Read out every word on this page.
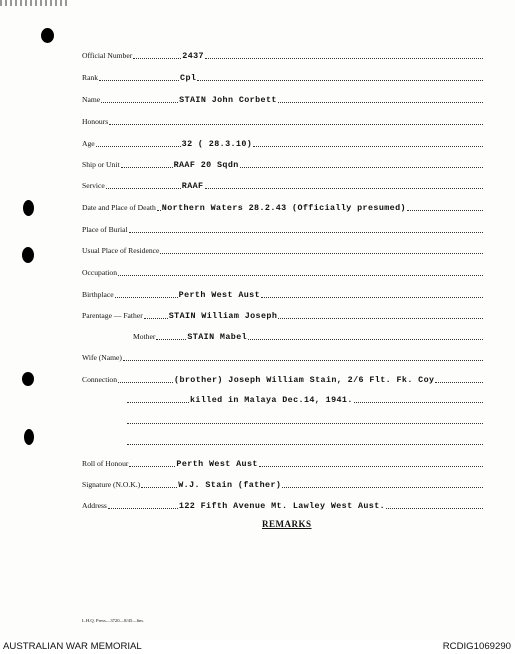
Official Number	2437
Rank	Cpl
Name	STAIN John Corbett
Honours
Age	32 ( 28.3.10)
Ship or Unit	RAAF 20 Sqdn
Service	RAAF
Date and Place of Death Northern Waters 28.2.43 (Officially presumed)
Place of Burial
Usual Place of Residence
Occupation
Birthplace	Perth West Aust
Parentage — Father	STAIN William Joseph
Mother	STAIN Mabel
Wife (Name)
Connection	(brother) Joseph William Stain, 2/6 Flt. Fk. Coy
killed in Malaya Dec.14, 1941.
Roll of Honour	Perth West Aust
Signature (N.O.K.)	W.J. Stain (father)
Address	122 Fifth Avenue Mt. Lawley West Aust.
REMARKS
L.H.Q. Press—3720—8/45—6m.
AUSTRALIAN WAR MEMORIAL	RCDIG1069290
